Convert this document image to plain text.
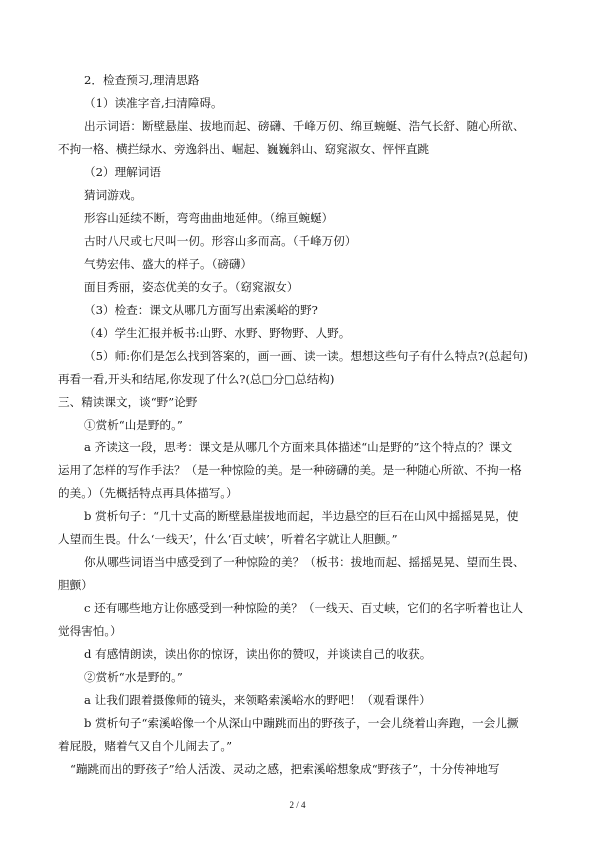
2．检查预习,理清思路
（1）读准字音,扫清障碍。
出示词语：断壁悬崖、拔地而起、磅礴、千峰万仞、绵亘蜿蜒、浩气长舒、随心所欲、
不拘一格、横拦绿水、旁逸斜出、崛起、巍巍斜山、窈窕淑女、怦怦直跳
（2）理解词语
猜词游戏。
形容山延续不断，弯弯曲曲地延伸。（绵亘蜿蜒）
古时八尺或七尺叫一仞。形容山多而高。（千峰万仞）
气势宏伟、盛大的样子。（磅礴）
面目秀丽，姿态优美的女子。（窈窕淑女）
（3）检查：课文从哪几方面写出索溪峪的野?
（4）学生汇报并板书:山野、水野、野物野、人野。
（5）师:你们是怎么找到答案的，画一画、读一读。想想这些句子有什么特点?(总起句)
再看一看,开头和结尾,你发现了什么?(总□分□总结构)
三、精读课文，谈“野”论野
①赏析“山是野的。”
a 齐读这一段，思考：课文是从哪几个方面来具体描述“山是野的”这个特点的？课文
运用了怎样的写作手法？（是一种惊险的美。是一种磅礴的美。是一种随心所欲、不拘一格
的美。）（先概括特点再具体描写。）
b 赏析句子：“几十丈高的断壁悬崖拔地而起，半边悬空的巨石在山风中摇摇晃晃，使
人望而生畏。什么‘一线天’，什么‘百丈峡’，听着名字就让人胆颤。”
你从哪些词语当中感受到了一种惊险的美？（板书：拔地而起、摇摇晃晃、望而生畏、
胆颤）
c 还有哪些地方让你感受到一种惊险的美？（一线天、百丈峡，它们的名字听着也让人
觉得害怕。）
d 有感情朗读，读出你的惊讶，读出你的赞叹，并谈读自己的收获。
②赏析“水是野的。”
a 让我们跟着摄像师的镜头，来领略索溪峪水的野吧！（观看课件）
b 赏析句子“索溪峪像一个从深山中蹦跳而出的野孩子，一会儿绕着山奔跑，一会儿撅
着屁股，赌着气又自个儿闹去了。”
“蹦跳而出的野孩子”给人活泼、灵动之感，把索溪峪想象成“野孩子”，十分传神地写
2 / 4
